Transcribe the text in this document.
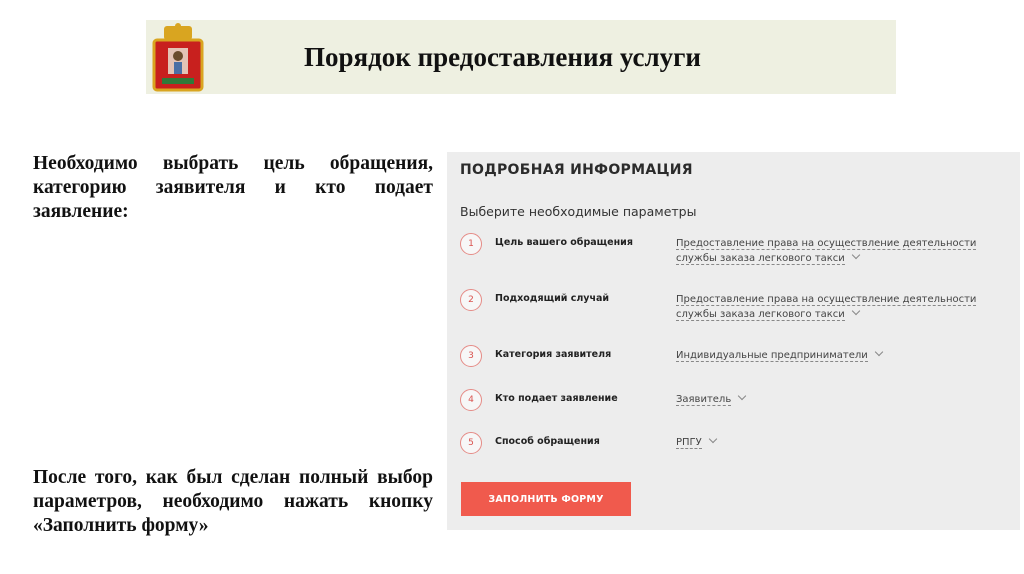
Порядок предоставления услуги
Необходимо выбрать цель обращения, категорию заявителя и кто подает заявление:
После того, как был сделан полный выбор параметров, необходимо нажать кнопку «Заполнить форму»
ПОДРОБНАЯ ИНФОРМАЦИЯ
Выберите необходимые параметры
1	Цель вашего обращения	Предоставление права на осуществление деятельности службы заказа легкового такси
2	Подходящий случай	Предоставление права на осуществление деятельности службы заказа легкового такси
3	Категория заявителя	Индивидуальные предприниматели
4	Кто подает заявление	Заявитель
5	Способ обращения	РПГУ
ЗАПОЛНИТЬ ФОРМУ
